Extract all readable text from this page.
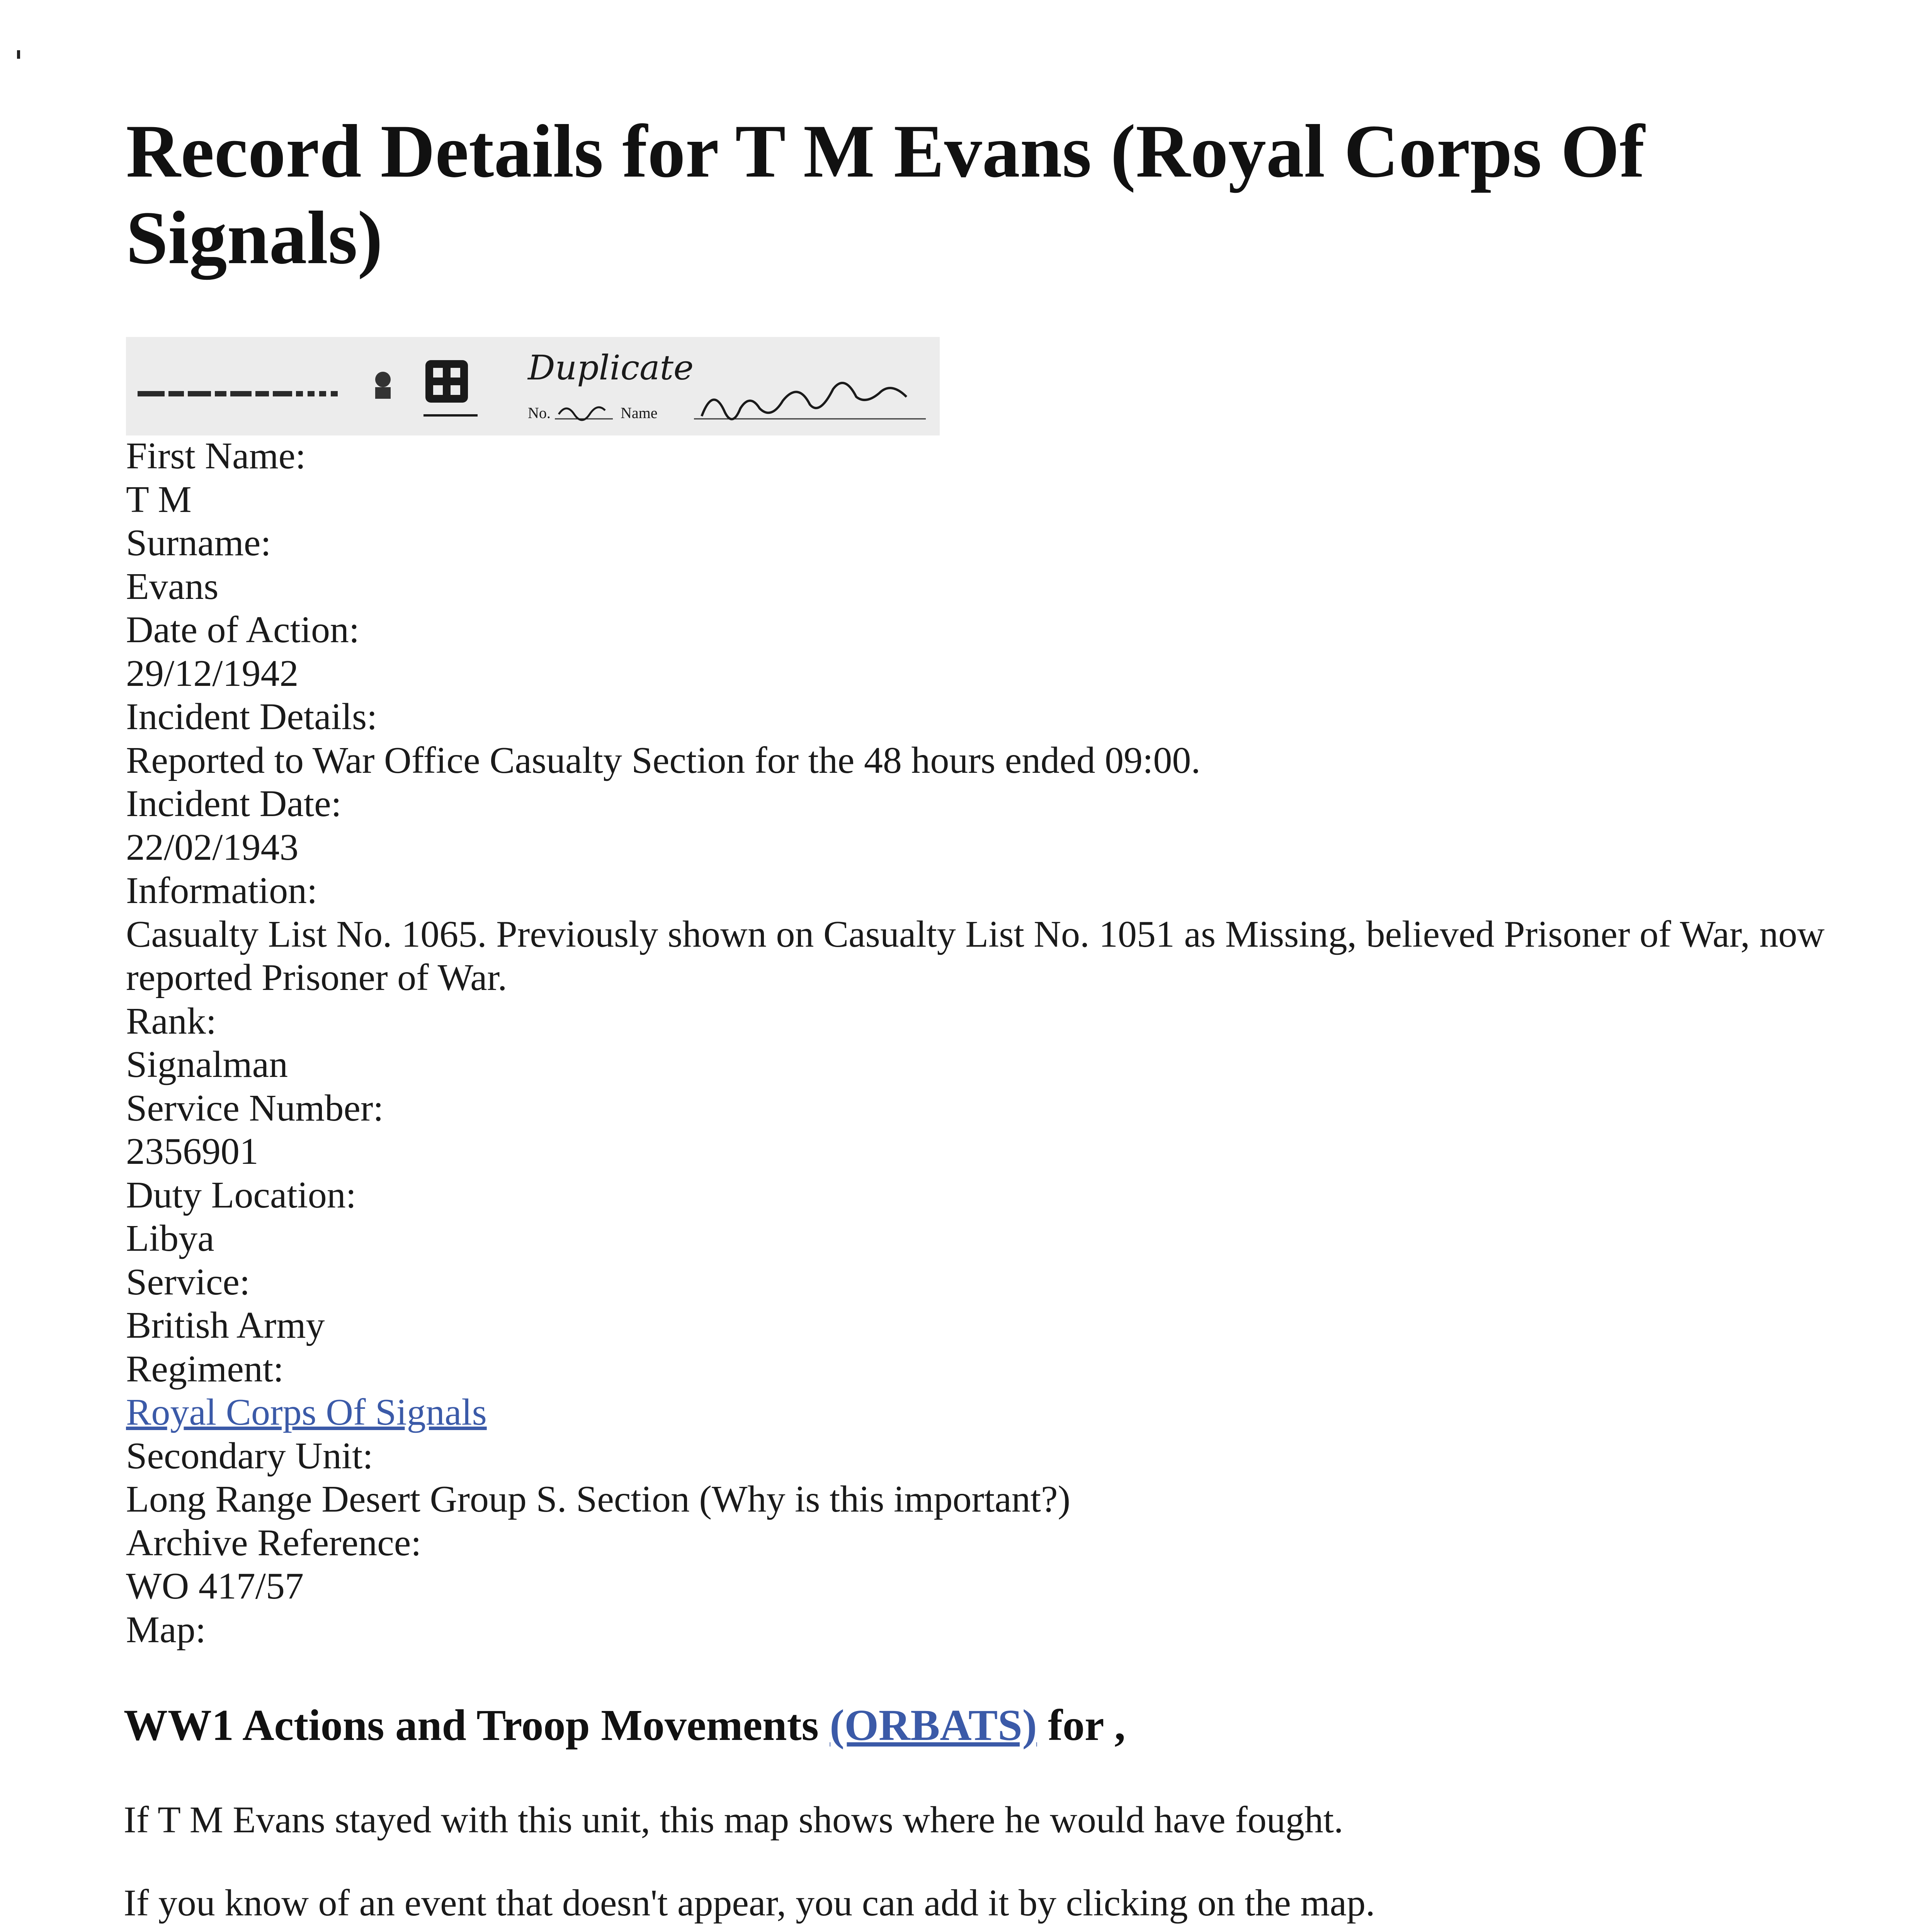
Record Details for T M Evans (Royal Corps Of Signals)
Duplicate
No.	Name
First Name:
T M
Surname:
Evans
Date of Action:
29/12/1942
Incident Details:
Reported to War Office Casualty Section for the 48 hours ended 09:00.
Incident Date:
22/02/1943
Information:
Casualty List No. 1065. Previously shown on Casualty List No. 1051 as Missing, believed Prisoner of War, now reported Prisoner of War.
Rank:
Signalman
Service Number:
2356901
Duty Location:
Libya
Service:
British Army
Regiment:
Royal Corps Of Signals
Secondary Unit:
Long Range Desert Group S. Section (Why is this important?)
Archive Reference:
WO 417/57
Map:
WW1 Actions and Troop Movements (ORBATS) for ,

If T M Evans stayed with this unit, this map shows where he would have fought.

If you know of an event that doesn't appear, you can add it by clicking on the map.
